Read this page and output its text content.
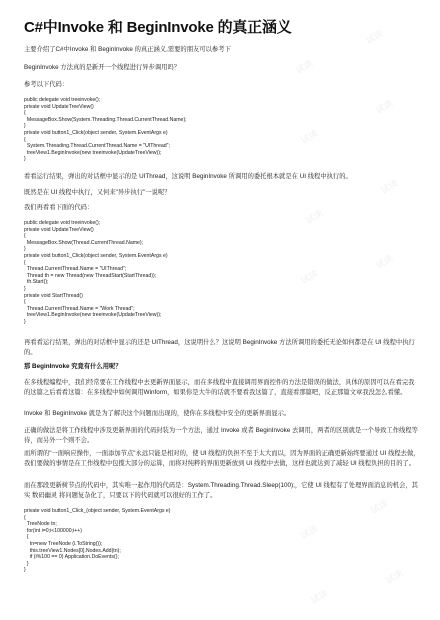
C#中Invoke 和 BeginInvoke 的真正涵义

主要介绍了C#中Invoke 和 BeginInvoke 的真正涵义,需要的朋友可以参考下

BeginInvoke 方法真的是新开一个线程进行异步调用吗？

参考以下代码：

public delegate void treeinvoke();
private void UpdateTreeView()
{
MessageBox.Show(System.Threading.Thread.CurrentThread.Name);
}
private void button1_Click(object sender, System.EventArgs e)
{
System.Threading.Thread.CurrentThread.Name = "UIThread";
treeView1.BeginInvoke(new treeinvoke(UpdateTreeView));
}

看看运行结果，弹出的对话框中显示的是 UIThread，这说明 BeginInvoke 所调用的委托根本就是在 UI 线程中执行的。

既然是在 UI 线程中执行，又何来"异步执行"一说呢？

我们再看看下面的代码：

public delegate void treeinvoke();
private void UpdateTreeView()
{
MessageBox.Show(Thread.CurrentThread.Name);
}
private void button1_Click(object sender, System.EventArgs e)
{
Thread.CurrentThread.Name = "UIThread";
Thread th = new Thread(new ThreadStart(StartThread));
th.Start();
}
private void StartThread()
{
Thread.CurrentThread.Name = "Work Thread";
treeView1.BeginInvoke(new treeinvoke(UpdateTreeView));
}

再看看运行结果，弹出的对话框中显示的还是 UIThread，这说明什么？这说明 BeginInvoke 方法所调用的委托无论如何都是在 UI 线程中执行的。

那 BeginInvoke 究竟有什么用呢？

在多线程编程中，我们经常要在工作线程中去更新界面显示，而在多线程中直接调用界面控件的方法是错误的做法，具体的原因可以在看完我的这篇之后看看这篇：在多线程中如何调用Winform，如果你是大牛的话就不要看我这篇了，直接看那篇吧，反正那篇文章我没怎么看懂。

Invoke 和 BeginInvoke 就是为了解决这个问题而出现的，使你在多线程中安全的更新界面显示。

正确的做法是将工作线程中涉及更新界面的代码封装为一个方法，通过 Invoke 或者 BeginInvoke 去调用，两者的区别就是一个导致工作线程等待，而另外一个则不会。

而所谓的"一面响应操作，一面添加节点"永远只能是相对的，使 UI 线程的负担不至于太大而以，因为界面的正确更新始终要通过 UI 线程去做，我们要做的事情是在工作线程中包揽大部分的运算，而将对纯粹的界面更新放到 UI 线程中去做，这样也就达到了减轻 UI 线程负担的目的了。

而在那段更新树节点的代码中，其实唯一起作用的代码是：System.Threading.Thread.Sleep(100);，它使 UI 线程有了处理界面消息的机会，其实 数码幽灵 将问题复杂化了，只要以下的代码就可以很好的工作了。

private void button1_Click_(object sender, System.EventArgs e)
{
TreeNode tn;
for(int i=0;i<100000;i++)
{
tn=new TreeNode (i.ToString());
this.treeView1.Nodes[0].Nodes.Add(tn);
if (i%100 == 0) Application.DoEvents();
}
}
试读
试读
试读
试读
试读
试读
试读
试读
试读
试读
试读
试读
